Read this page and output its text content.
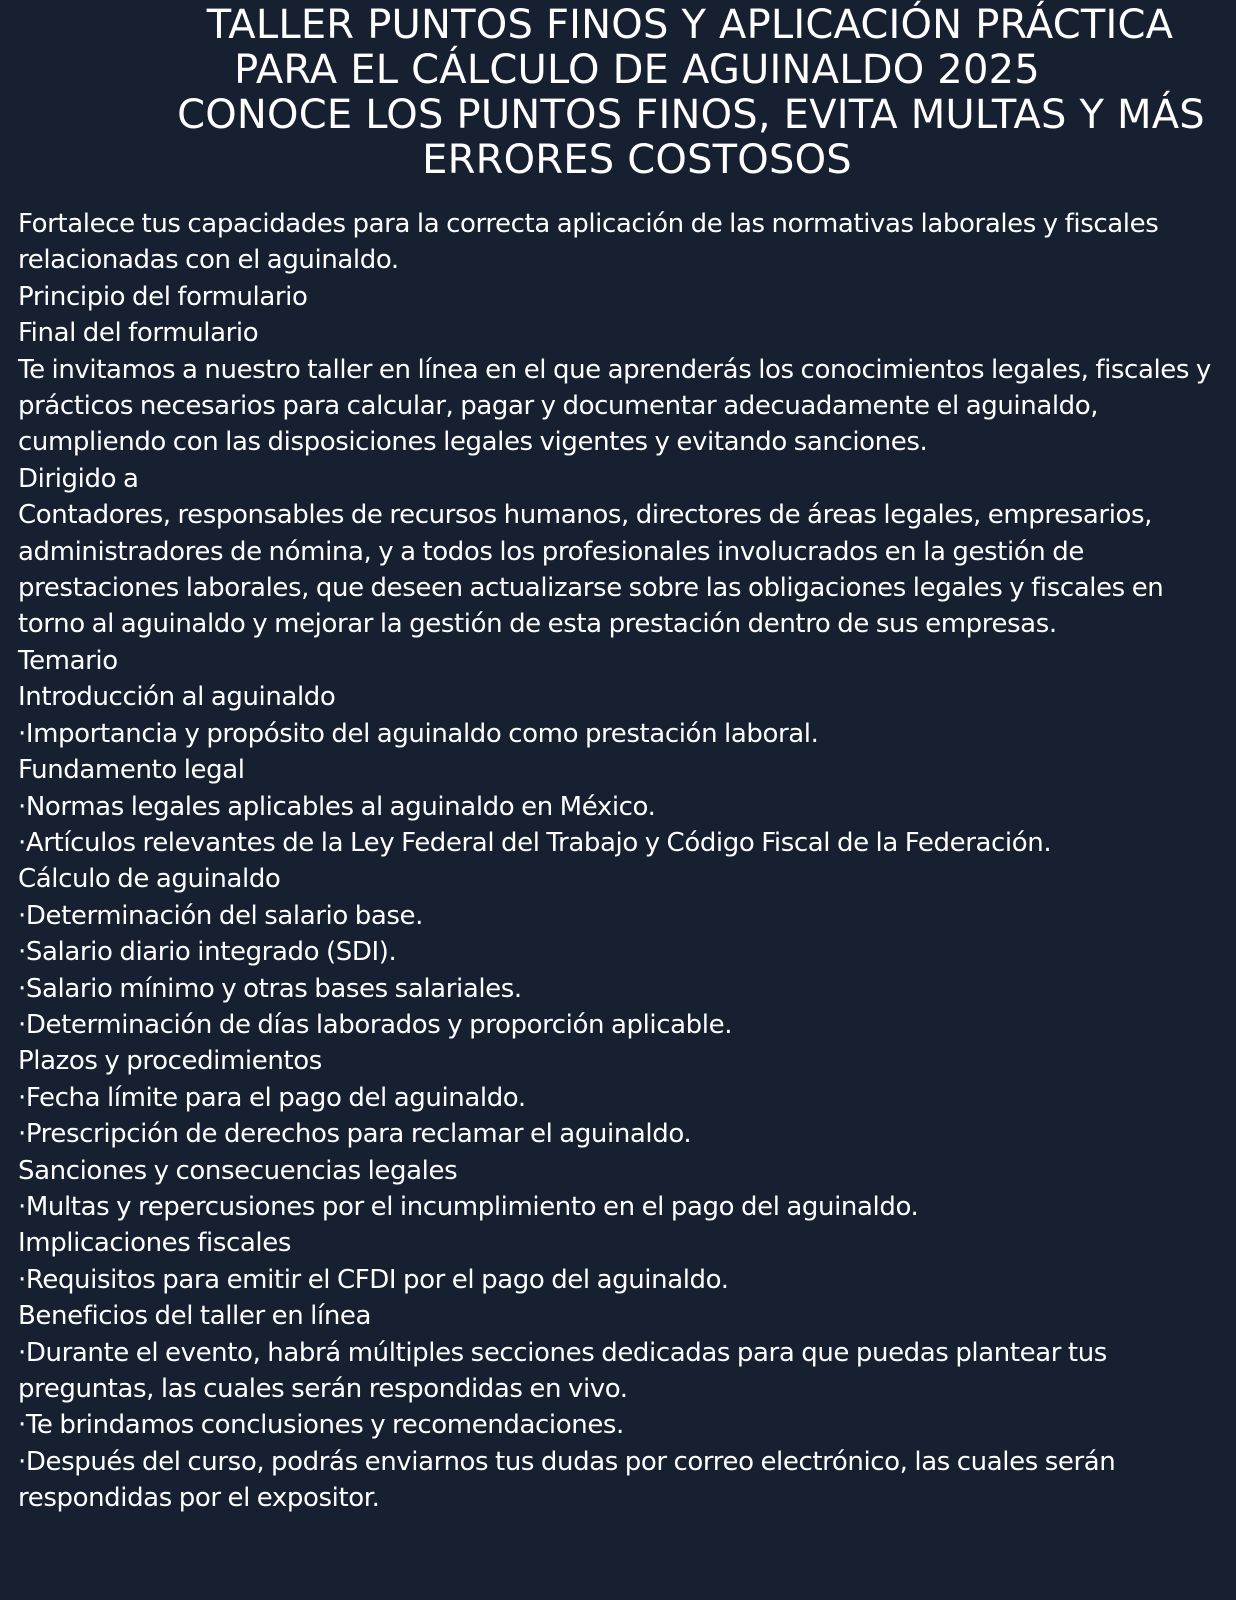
TALLER PUNTOS FINOS Y APLICACIÓN PRÁCTICA
PARA EL CÁLCULO DE AGUINALDO 2025
CONOCE LOS PUNTOS FINOS, EVITA MULTAS Y MÁS
ERRORES COSTOSOS

Fortalece tus capacidades para la correcta aplicación de las normativas laborales y fiscales relacionadas con el aguinaldo.

Principio del formulario

Final del formulario

Te invitamos a nuestro taller en línea en el que aprenderás los conocimientos legales, fiscales y prácticos necesarios para calcular, pagar y documentar adecuadamente el aguinaldo, cumpliendo con las disposiciones legales vigentes y evitando sanciones.

Dirigido a

Contadores, responsables de recursos humanos, directores de áreas legales, empresarios, administradores de nómina, y a todos los profesionales involucrados en la gestión de prestaciones laborales, que deseen actualizarse sobre las obligaciones legales y fiscales en torno al aguinaldo y mejorar la gestión de esta prestación dentro de sus empresas.

Temario

Introducción al aguinaldo

·Importancia y propósito del aguinaldo como prestación laboral.

Fundamento legal

·Normas legales aplicables al aguinaldo en México.

·Artículos relevantes de la Ley Federal del Trabajo y Código Fiscal de la Federación.

Cálculo de aguinaldo

·Determinación del salario base.

·Salario diario integrado (SDI).

·Salario mínimo y otras bases salariales.

·Determinación de días laborados y proporción aplicable.

Plazos y procedimientos

·Fecha límite para el pago del aguinaldo.

·Prescripción de derechos para reclamar el aguinaldo.

Sanciones y consecuencias legales

·Multas y repercusiones por el incumplimiento en el pago del aguinaldo.

Implicaciones fiscales

·Requisitos para emitir el CFDI por el pago del aguinaldo.

Beneficios del taller en línea

·Durante el evento, habrá múltiples secciones dedicadas para que puedas plantear tus preguntas, las cuales serán respondidas en vivo.

·Te brindamos conclusiones y recomendaciones.

·Después del curso, podrás enviarnos tus dudas por correo electrónico, las cuales serán respondidas por el expositor.
